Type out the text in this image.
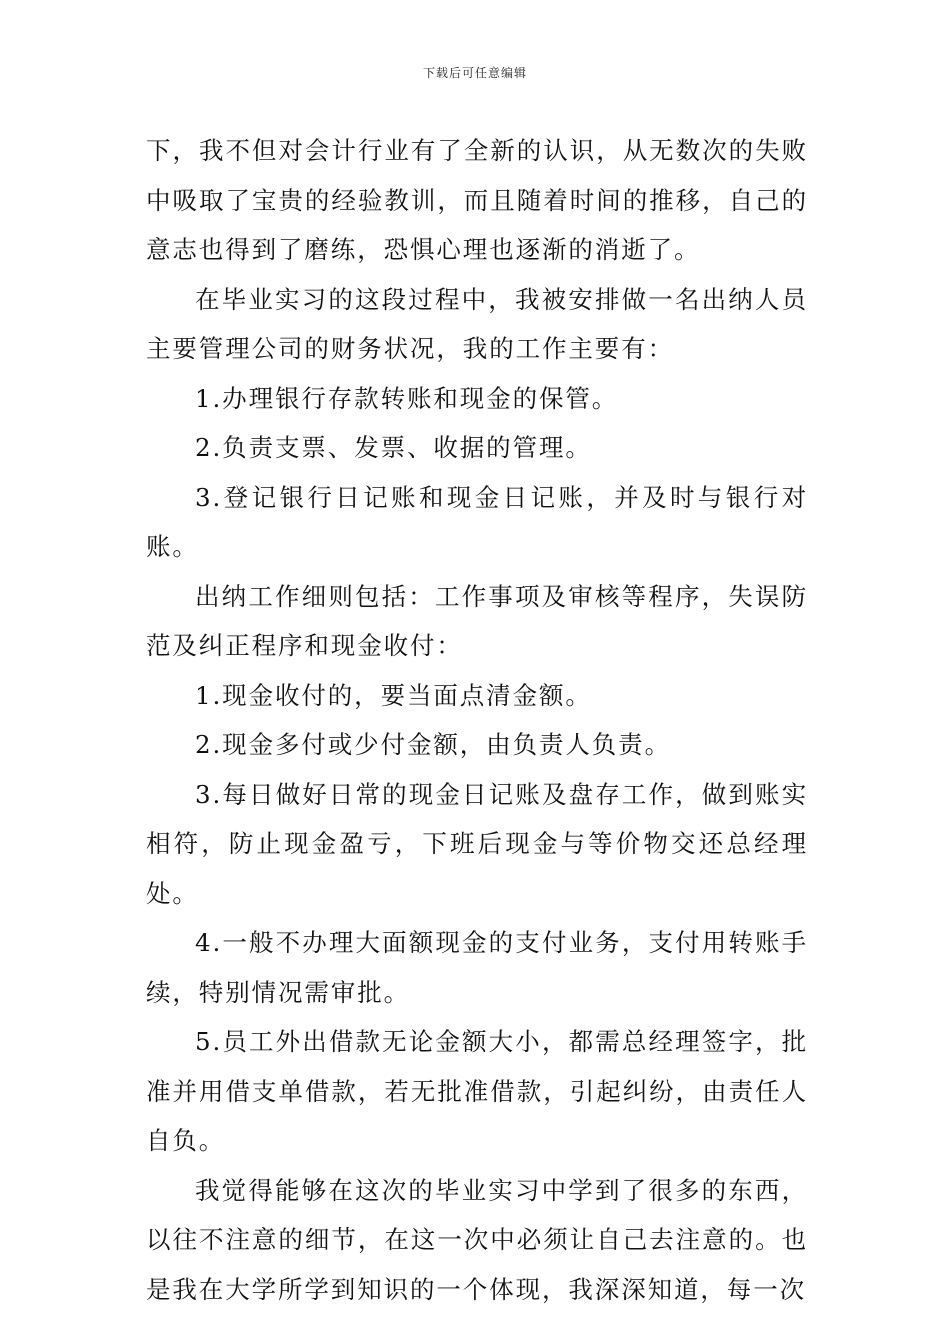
下载后可任意编辑

下，我不但对会计行业有了全新的认识，从无数次的失败中吸取了宝贵的经验教训，而且随着时间的推移，自己的意志也得到了磨练，恐惧心理也逐渐的消逝了。

在毕业实习的这段过程中，我被安排做一名出纳人员主要管理公司的财务状况，我的工作主要有：

1.办理银行存款转账和现金的保管。

2.负责支票、发票、收据的管理。

3.登记银行日记账和现金日记账，并及时与银行对账。

出纳工作细则包括：工作事项及审核等程序，失误防范及纠正程序和现金收付：

1.现金收付的，要当面点清金额。

2.现金多付或少付金额，由负责人负责。

3.每日做好日常的现金日记账及盘存工作，做到账实相符，防止现金盈亏，下班后现金与等价物交还总经理处。

4.一般不办理大面额现金的支付业务，支付用转账手续，特别情况需审批。

5.员工外出借款无论金额大小，都需总经理签字，批准并用借支单借款，若无批准借款，引起纠纷，由责任人自负。

我觉得能够在这次的毕业实习中学到了很多的东西，以往不注意的细节，在这一次中必须让自己去注意的。也是我在大学所学到知识的一个体现，我深深知道，每一次
